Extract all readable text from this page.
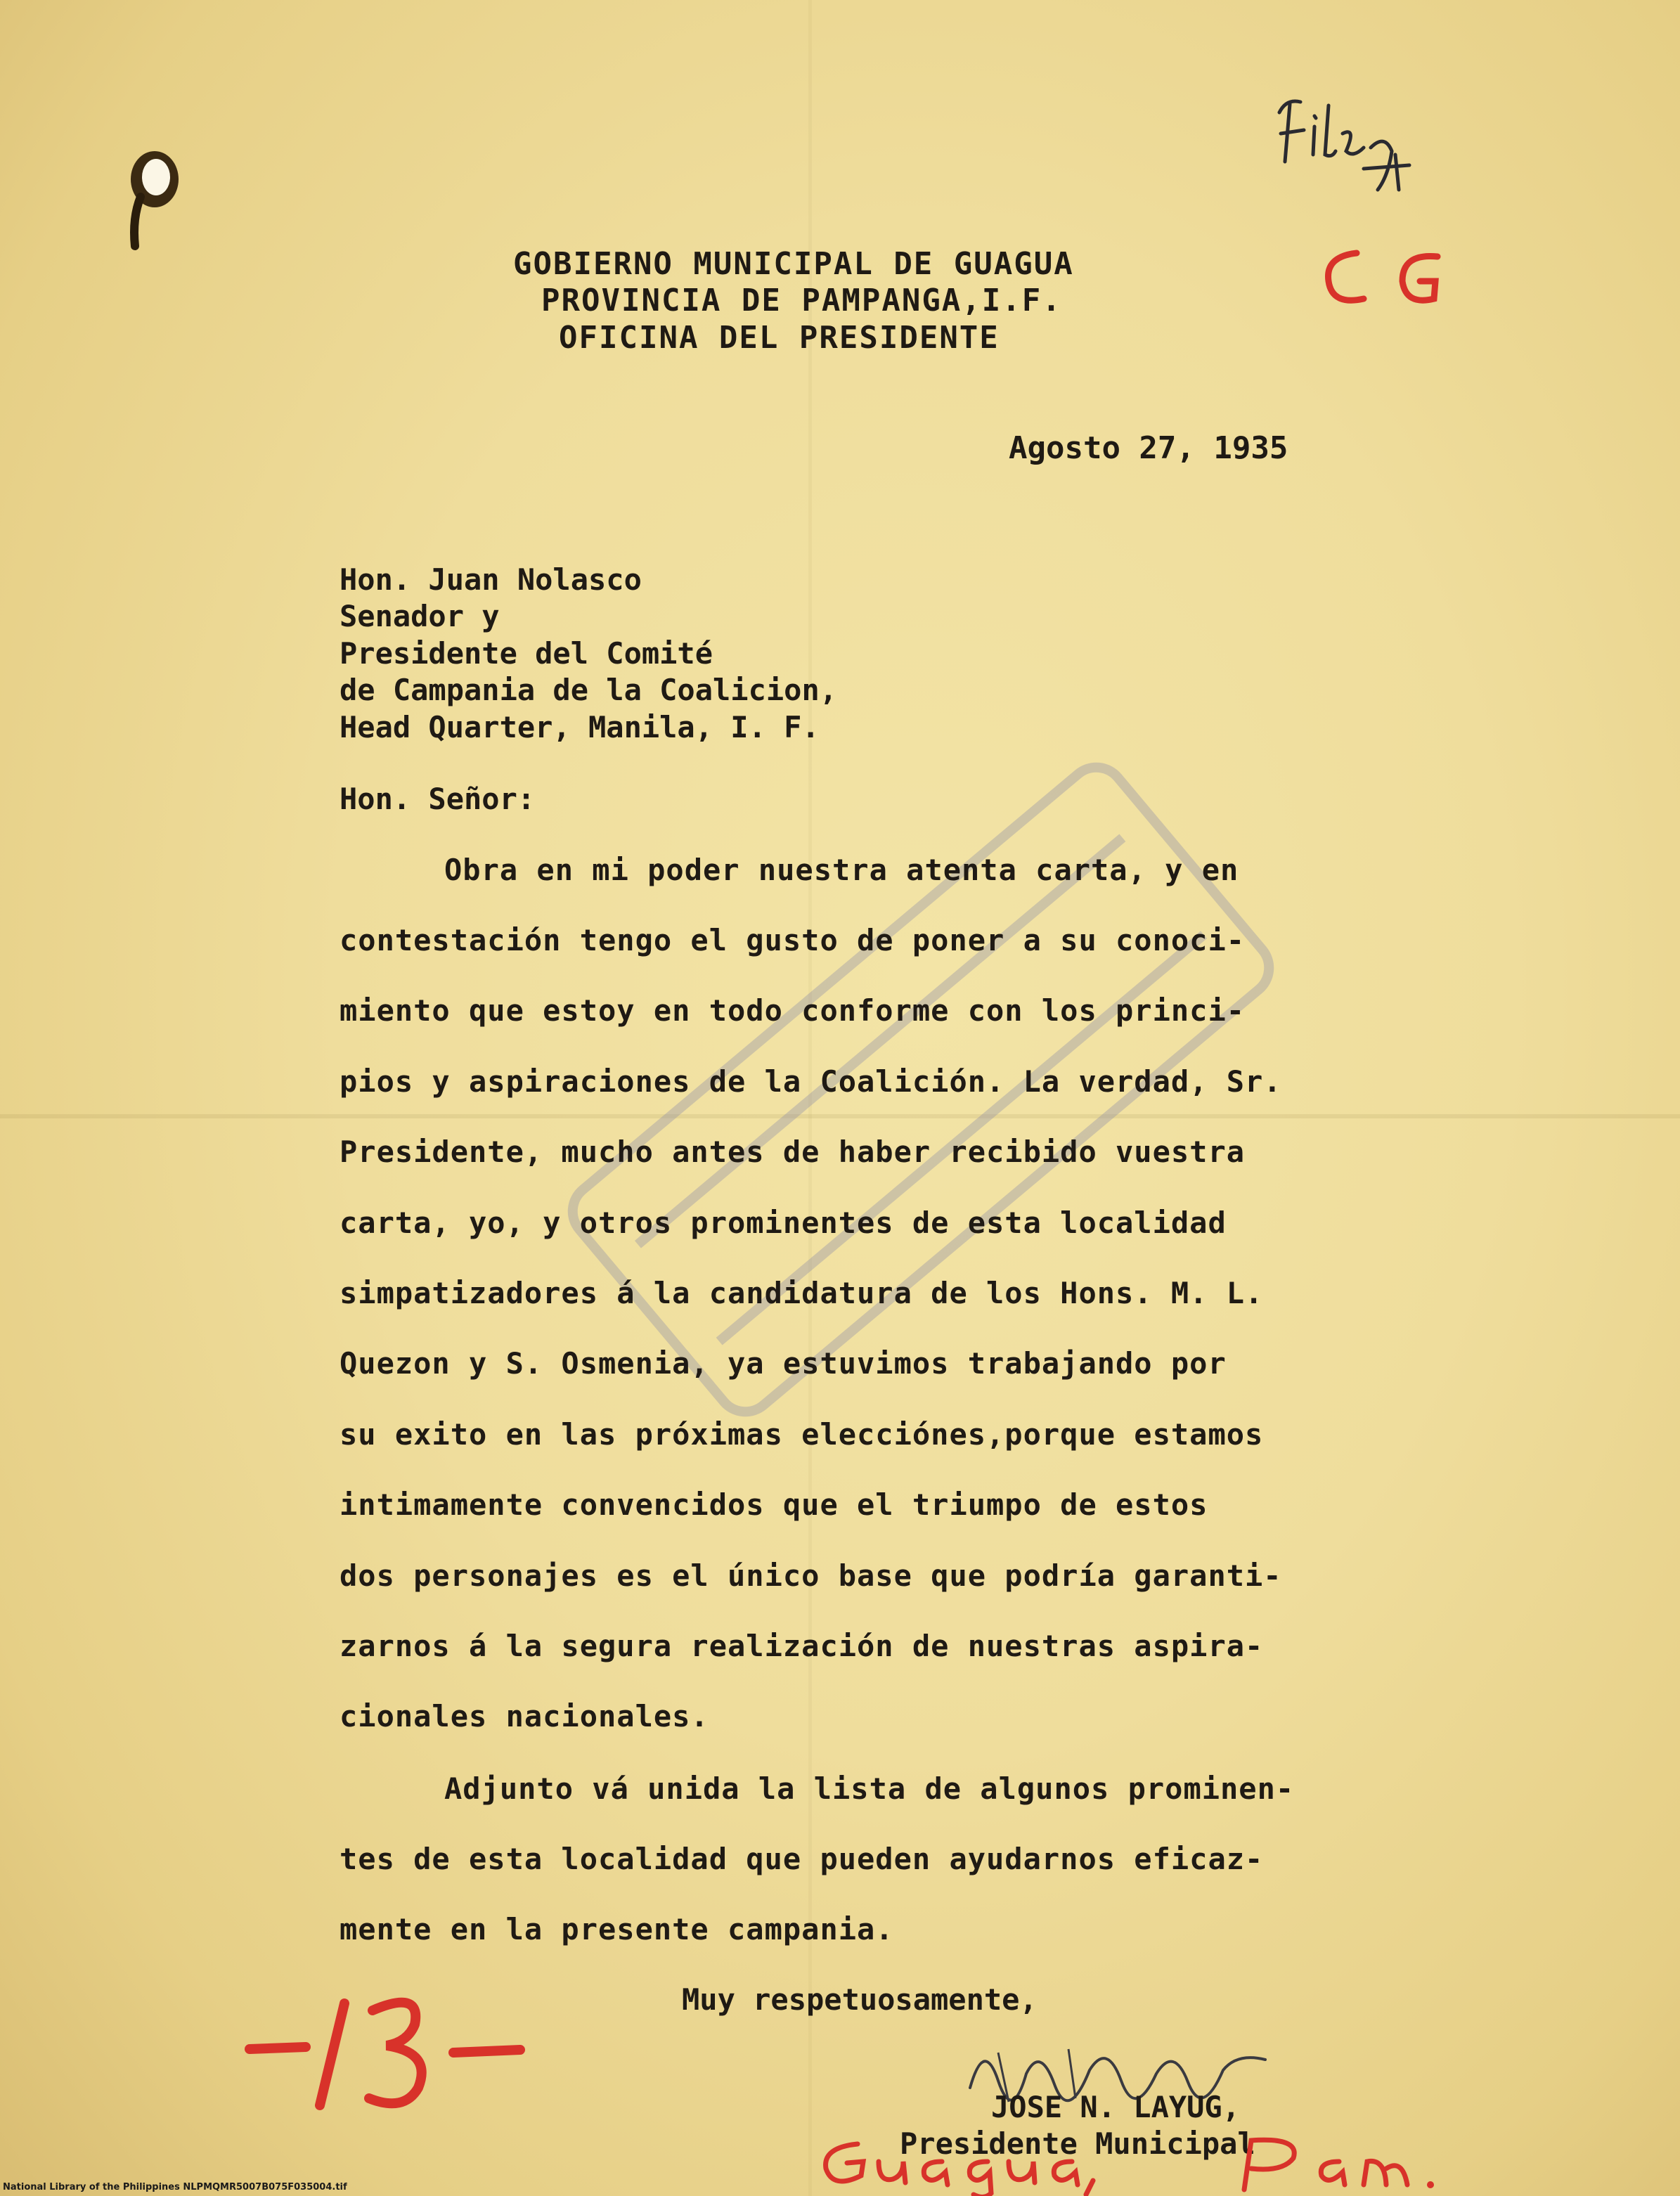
GOBIERNO MUNICIPAL DE GUAGUA
PROVINCIA DE PAMPANGA,I.F.
OFICINA DEL PRESIDENTE
Agosto 27, 1935
Hon. Juan Nolasco
Senador y
Presidente del Comité
de Campania de la Coalicion,
Head Quarter, Manila, I. F.
Hon. Señor:
Obra en mi poder nuestra atenta carta, y en
contestación tengo el gusto de poner a su conoci-
miento que estoy en todo conforme con los princi-
pios y aspiraciones de la Coalición. La verdad, Sr.
Presidente, mucho antes de haber recibido vuestra
carta, yo, y otros prominentes de esta localidad
simpatizadores á la candidatura de los Hons. M. L.
Quezon y S. Osmenia, ya estuvimos trabajando por
su exito en las próximas elecciónes,porque estamos
intimamente convencidos que el triumpo de estos
dos personajes es el único base que podría garanti-
zarnos á la segura realización de nuestras aspira-
cionales nacionales.
Adjunto vá unida la lista de algunos prominen-
tes de esta localidad que pueden ayudarnos eficaz-
mente en la presente campania.
Muy respetuosamente,
JOSE N. LAYUG,
Presidente Municipal
National Library of the Philippines NLPMQMR5007B075F035004.tif
